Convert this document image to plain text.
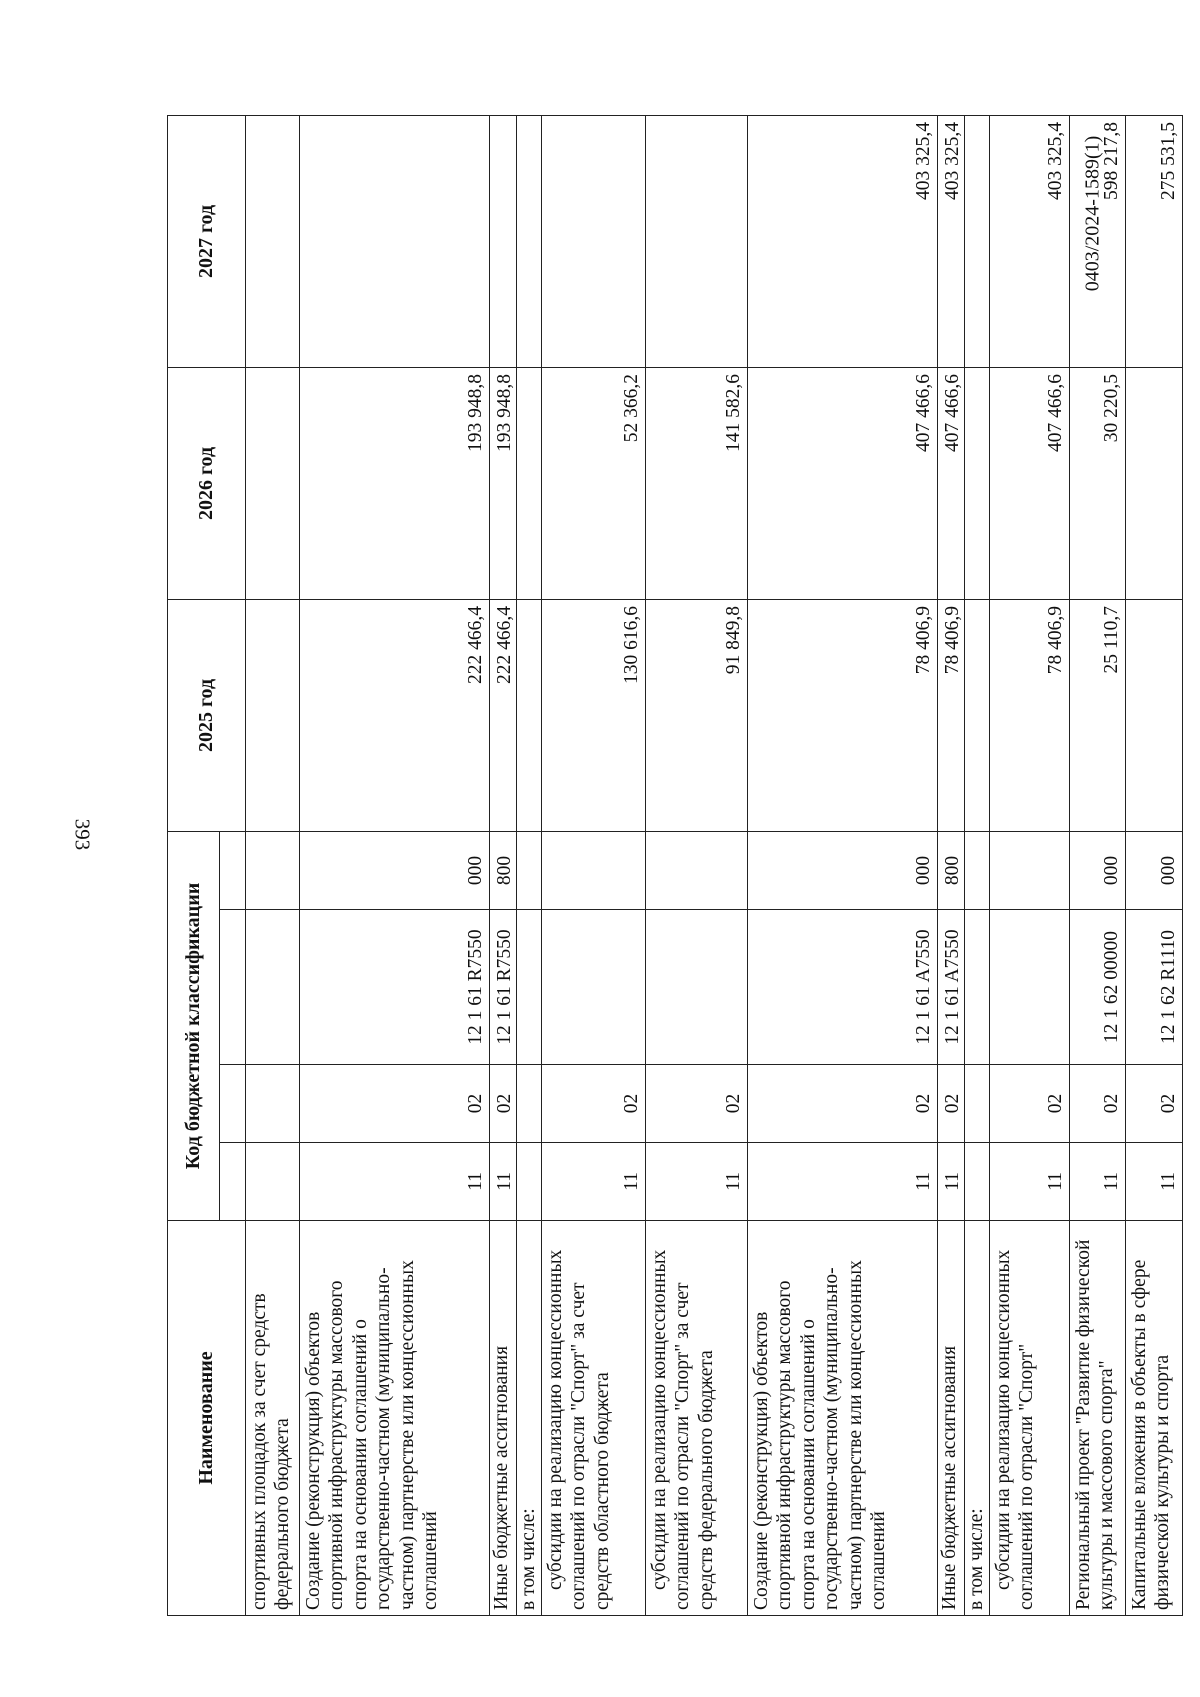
393
0403/2024-1589(1)
Наименование	Код бюджетной классификации				2025 год	2026 год	2027 год

спортивных площадок за счет средств федерального бюджета							
Создание (реконструкция) объектов спортивной инфраструктуры массового спорта на основании соглашений о государственно-частном (муниципально-частном) партнерстве или концессионных соглашений	11	02	12 1 61 R7550	000	222 466,4	193 948,8	
Иные бюджетные ассигнования	11	02	12 1 61 R7550	800	222 466,4	193 948,8	
в том числе:							
субсидии на реализацию концессионных соглашений по отрасли "Спорт" за счет средств областного бюджета	11	02			130 616,6	52 366,2	
субсидии на реализацию концессионных соглашений по отрасли "Спорт" за счет средств федерального бюджета	11	02			91 849,8	141 582,6	
Создание (реконструкция) объектов спортивной инфраструктуры массового спорта на основании соглашений о государственно-частном (муниципально-частном) партнерстве или концессионных соглашений	11	02	12 1 61 A7550	000	78 406,9	407 466,6	403 325,4
Иные бюджетные ассигнования	11	02	12 1 61 A7550	800	78 406,9	407 466,6	403 325,4
в том числе:							
субсидии на реализацию концессионных соглашений по отрасли "Спорт"	11	02			78 406,9	407 466,6	403 325,4
Региональный проект "Развитие физической культуры и массового спорта"	11	02	12 1 62 00000	000	25 110,7	30 220,5	598 217,8
Капитальные вложения в объекты в сфере физической культуры и спорта	11	02	12 1 62 R1110	000			275 531,5
